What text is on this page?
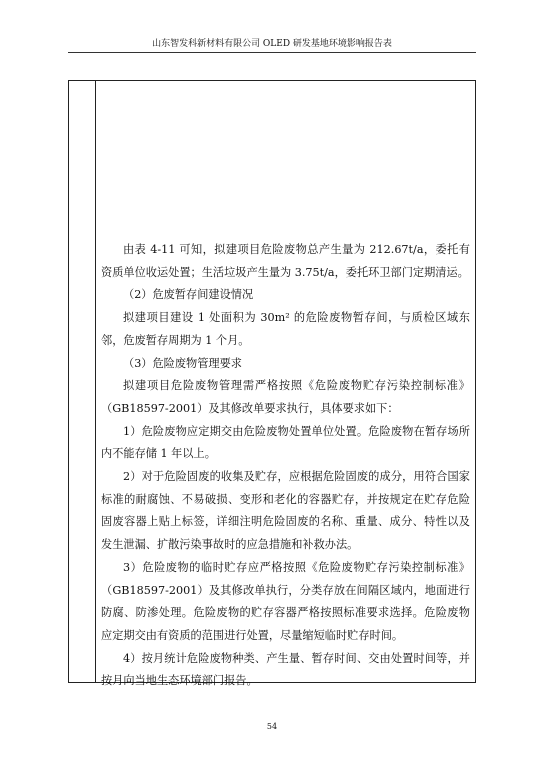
山东智发科新材料有限公司 OLED 研发基地环境影响报告表

由表 4-11 可知，拟建项目危险废物总产生量为 212.67t/a，委托有资质单位收运处置；生活垃圾产生量为 3.75t/a，委托环卫部门定期清运。

（2）危废暂存间建设情况

拟建项目建设 1 处面积为 30m² 的危险废物暂存间，与质检区域东邻，危废暂存周期为 1 个月。

（3）危险废物管理要求

拟建项目危险废物管理需严格按照《危险废物贮存污染控制标准》（GB18597-2001）及其修改单要求执行，具体要求如下：

1）危险废物应定期交由危险废物处置单位处置。危险废物在暂存场所内不能存储 1 年以上。

2）对于危险固废的收集及贮存，应根据危险固废的成分，用符合国家标准的耐腐蚀、不易破损、变形和老化的容器贮存，并按规定在贮存危险固废容器上贴上标签，详细注明危险固废的名称、重量、成分、特性以及发生泄漏、扩散污染事故时的应急措施和补救办法。

3）危险废物的临时贮存应严格按照《危险废物贮存污染控制标准》（GB18597-2001）及其修改单执行，分类存放在间隔区域内，地面进行防腐、防渗处理。危险废物的贮存容器严格按照标准要求选择。危险废物应定期交由有资质的范围进行处置，尽量缩短临时贮存时间。

4）按月统计危险废物种类、产生量、暂存时间、交由处置时间等，并按月向当地生态环境部门报告。

54
